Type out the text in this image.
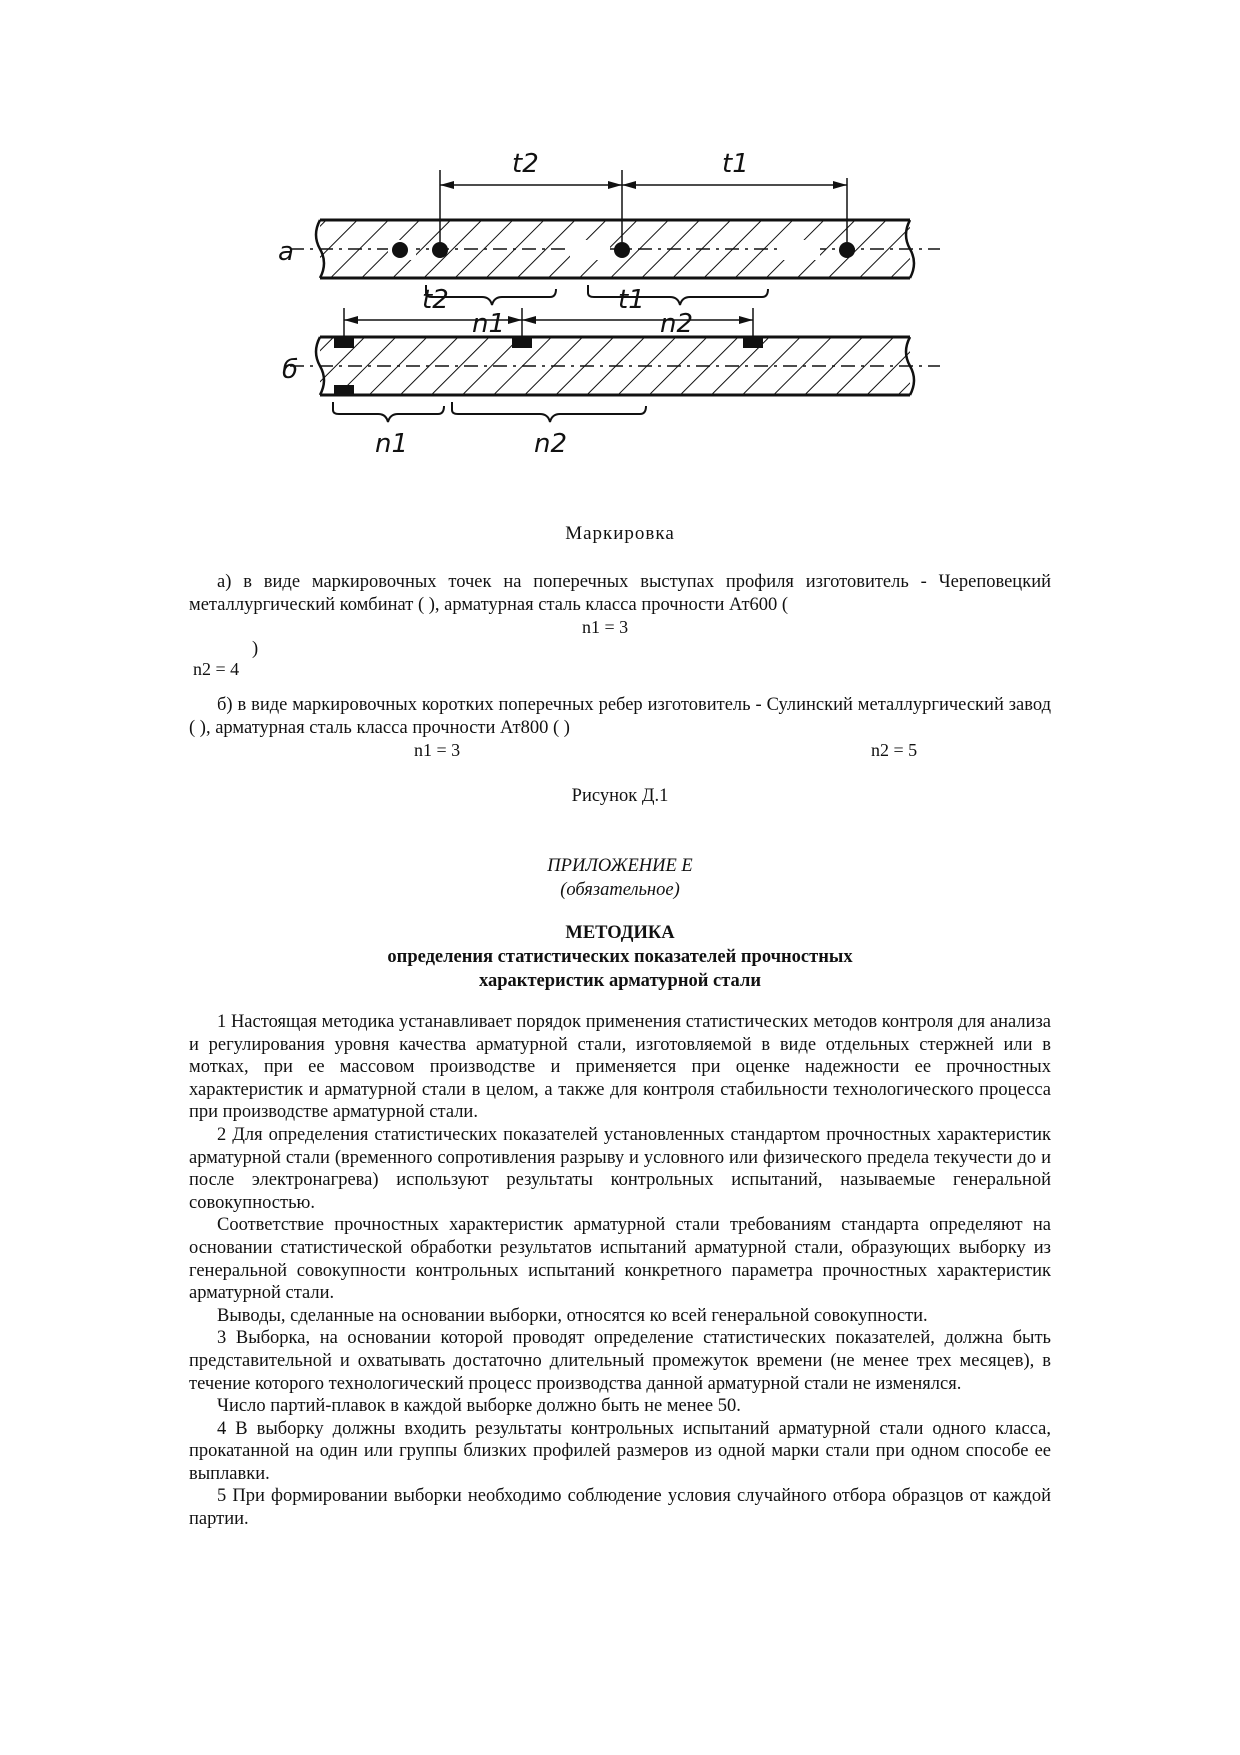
а
б
t2	t1
n1	n2
t2	t1
n1	n2
Маркировка

а) в виде маркировочных точек на поперечных выступах профиля изготовитель - Череповецкий металлургический комбинат ( ), арматурная сталь класса прочности Ат600 (

n1 = 3
)
n2 = 4

б) в виде маркировочных коротких поперечных ребер изготовитель - Сулинский металлургический завод ( ), арматурная сталь класса прочности Ат800 ( )

n1 = 3	n2 = 5
Рисунок Д.1
ПРИЛОЖЕНИЕ Е
(обязательное)
МЕТОДИКА
определения статистических показателей прочностных
характеристик арматурной стали

1 Настоящая методика устанавливает порядок применения статистических методов контроля для анализа и регулирования уровня качества арматурной стали, изготовляемой в виде отдельных стержней или в мотках, при ее массовом производстве и применяется при оценке надежности ее прочностных характеристик и арматурной стали в целом, а также для контроля стабильности технологического процесса при производстве арматурной стали.

2 Для определения статистических показателей установленных стандартом прочностных характеристик арматурной стали (временного сопротивления разрыву и условного или физического предела текучести до и после электронагрева) используют результаты контрольных испытаний, называемые генеральной совокупностью.

Соответствие прочностных характеристик арматурной стали требованиям стандарта определяют на основании статистической обработки результатов испытаний арматурной стали, образующих выборку из генеральной совокупности контрольных испытаний конкретного параметра прочностных характеристик арматурной стали.

Выводы, сделанные на основании выборки, относятся ко всей генеральной совокупности.

3 Выборка, на основании которой проводят определение статистических показателей, должна быть представительной и охватывать достаточно длительный промежуток времени (не менее трех месяцев), в течение которого технологический процесс производства данной арматурной стали не изменялся.

Число партий-плавок в каждой выборке должно быть не менее 50.

4 В выборку должны входить результаты контрольных испытаний арматурной стали одного класса, прокатанной на один или группы близких профилей размеров из одной марки стали при одном способе ее выплавки.

5 При формировании выборки необходимо соблюдение условия случайного отбора образцов от каждой партии.
